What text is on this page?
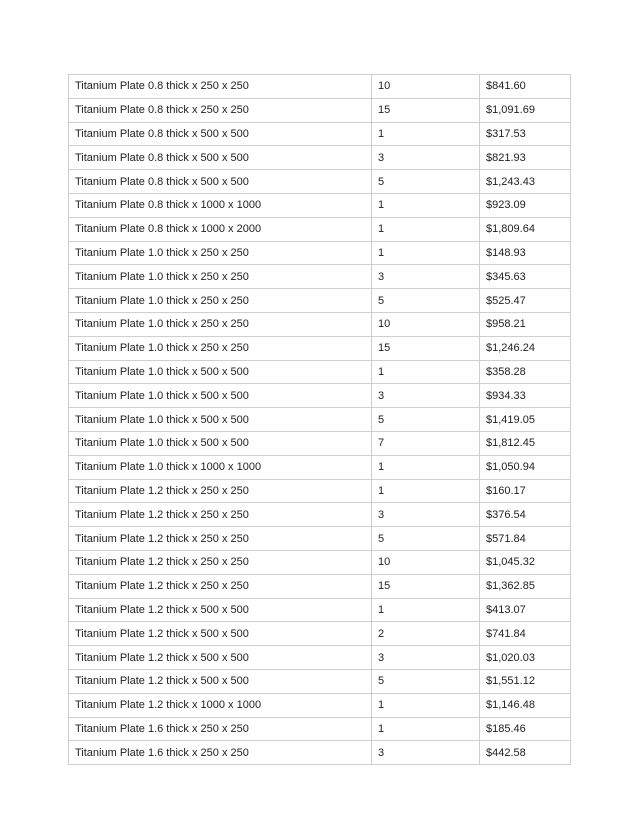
Titanium Plate 0.8 thick x 250 x 250	10	$841.60
Titanium Plate 0.8 thick x 250 x 250	15	$1,091.69
Titanium Plate 0.8 thick x 500 x 500	1	$317.53
Titanium Plate 0.8 thick x 500 x 500	3	$821.93
Titanium Plate 0.8 thick x 500 x 500	5	$1,243.43
Titanium Plate 0.8 thick x 1000 x 1000	1	$923.09
Titanium Plate 0.8 thick x 1000 x 2000	1	$1,809.64
Titanium Plate 1.0 thick x 250 x 250	1	$148.93
Titanium Plate 1.0 thick x 250 x 250	3	$345.63
Titanium Plate 1.0 thick x 250 x 250	5	$525.47
Titanium Plate 1.0 thick x 250 x 250	10	$958.21
Titanium Plate 1.0 thick x 250 x 250	15	$1,246.24
Titanium Plate 1.0 thick x 500 x 500	1	$358.28
Titanium Plate 1.0 thick x 500 x 500	3	$934.33
Titanium Plate 1.0 thick x 500 x 500	5	$1,419.05
Titanium Plate 1.0 thick x 500 x 500	7	$1,812.45
Titanium Plate 1.0 thick x 1000 x 1000	1	$1,050.94
Titanium Plate 1.2 thick x 250 x 250	1	$160.17
Titanium Plate 1.2 thick x 250 x 250	3	$376.54
Titanium Plate 1.2 thick x 250 x 250	5	$571.84
Titanium Plate 1.2 thick x 250 x 250	10	$1,045.32
Titanium Plate 1.2 thick x 250 x 250	15	$1,362.85
Titanium Plate 1.2 thick x 500 x 500	1	$413.07
Titanium Plate 1.2 thick x 500 x 500	2	$741.84
Titanium Plate 1.2 thick x 500 x 500	3	$1,020.03
Titanium Plate 1.2 thick x 500 x 500	5	$1,551.12
Titanium Plate 1.2 thick x 1000 x 1000	1	$1,146.48
Titanium Plate 1.6 thick x 250 x 250	1	$185.46
Titanium Plate 1.6 thick x 250 x 250	3	$442.58
